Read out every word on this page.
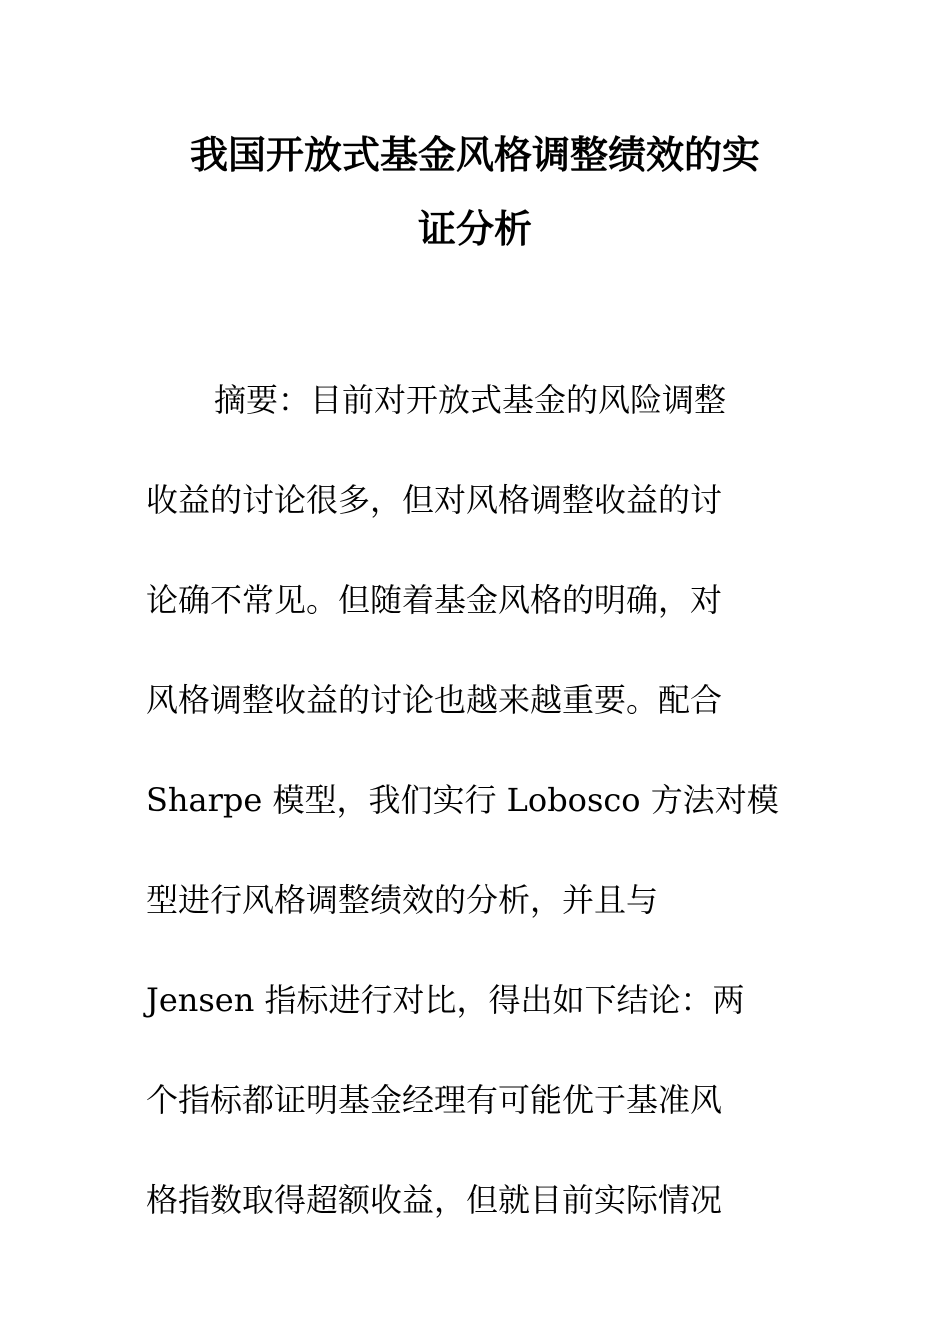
我国开放式基金风格调整绩效的实
证分析
摘要：目前对开放式基金的风险调整
收益的讨论很多，但对风格调整收益的讨
论确不常见。但随着基金风格的明确，对
风格调整收益的讨论也越来越重要。配合
Sharpe 模型，我们实行 Lobosco 方法对模
型进行风格调整绩效的分析，并且与
Jensen 指标进行对比，得出如下结论：两
个指标都证明基金经理有可能优于基准风
格指数取得超额收益，但就目前实际情况
